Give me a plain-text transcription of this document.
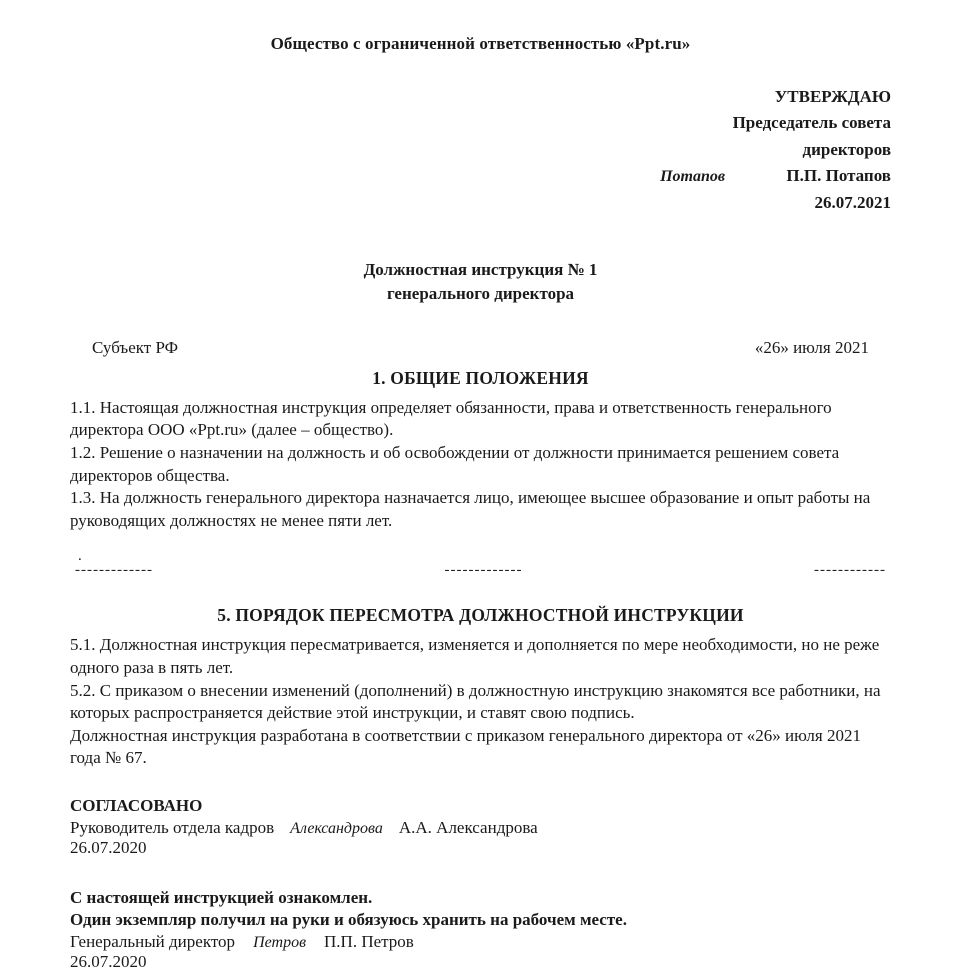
Общество с ограниченной ответственностью «Ppt.ru»
УТВЕРЖДАЮ
Председатель совета
директоров
Потапов	П.П. Потапов
26.07.2021
Должностная инструкция № 1
генерального директора
Субъект РФ	«26» июля 2021
1. ОБЩИЕ ПОЛОЖЕНИЯ

1.1. Настоящая должностная инструкция определяет обязанности, права и ответственность генерального директора ООО «Ppt.ru» (далее – общество).

1.2. Решение о назначении на должность и об освобождении от должности принимается решением совета директоров общества.

1.3. На должность генерального директора назначается лицо, имеющее высшее образование и опыт работы на руководящих должностях не менее пяти лет.

-------------	-------------	------------
.
5. ПОРЯДОК ПЕРЕСМОТРА ДОЛЖНОСТНОЙ ИНСТРУКЦИИ

5.1. Должностная инструкция пересматривается, изменяется и дополняется по мере необходимости, но не реже одного раза в пять лет.

5.2. С приказом о внесении изменений (дополнений) в должностную инструкцию знакомятся все работники, на которых распространяется действие этой инструкции, и ставят свою подпись.

Должностная инструкция разработана в соответствии с приказом генерального директора от «26» июля 2021 года № 67.

СОГЛАСОВАНО

Руководитель отдела кадров Александрова А.А. Александрова

26.07.2020

С настоящей инструкцией ознакомлен.

Один экземпляр получил на руки и обязуюсь хранить на рабочем месте.

Генеральный директор Петров П.П. Петров

26.07.2020
